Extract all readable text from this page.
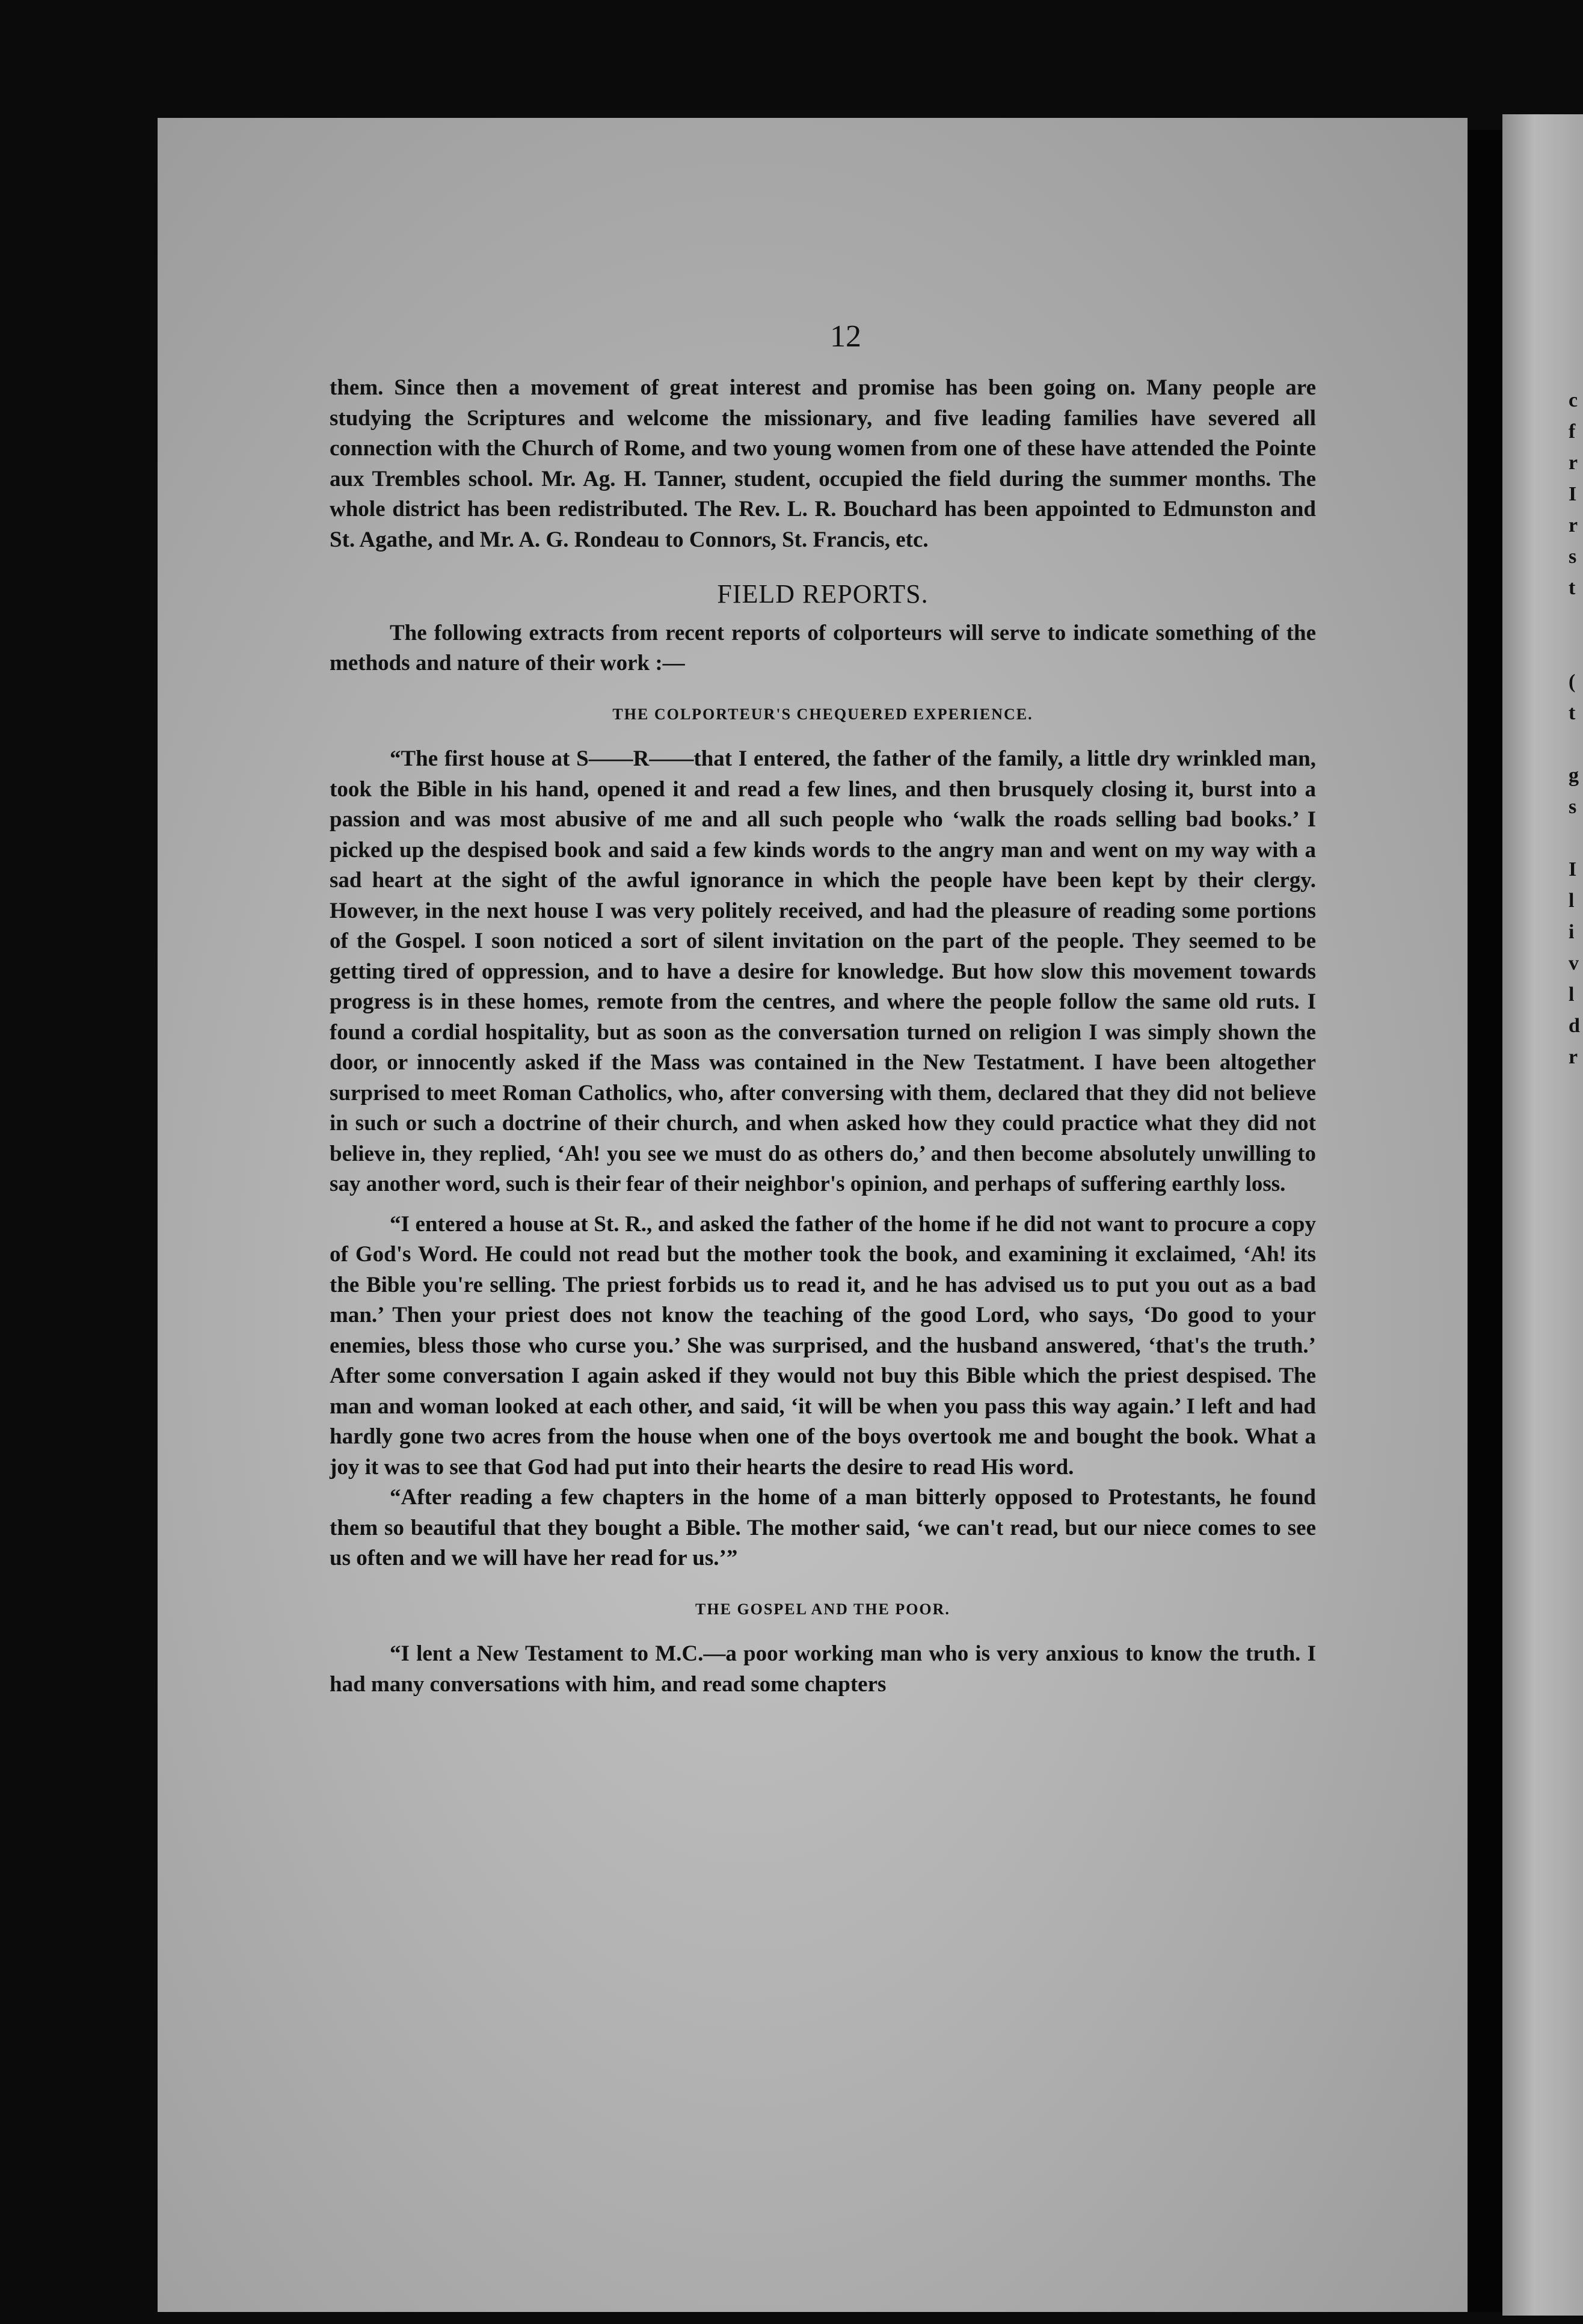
12

them. Since then a movement of great interest and promise has been going on. Many people are studying the Scriptures and welcome the missionary, and five leading families have severed all connection with the Church of Rome, and two young women from one of these have attended the Pointe aux Trembles school. Mr. Ag. H. Tanner, student, occupied the field during the summer months. The whole district has been redistributed. The Rev. L. R. Bouchard has been appointed to Edmunston and St. Agathe, and Mr. A. G. Rondeau to Connors, St. Francis, etc.

FIELD REPORTS.

The following extracts from recent reports of colporteurs will serve to indicate something of the methods and nature of their work :—

THE COLPORTEUR'S CHEQUERED EXPERIENCE.

“The first house at S——R——that I entered, the father of the family, a little dry wrinkled man, took the Bible in his hand, opened it and read a few lines, and then brusquely closing it, burst into a passion and was most abusive of me and all such people who ‘walk the roads selling bad books.’ I picked up the despised book and said a few kinds words to the angry man and went on my way with a sad heart at the sight of the awful ignorance in which the people have been kept by their clergy. However, in the next house I was very politely received, and had the pleasure of reading some portions of the Gospel. I soon noticed a sort of silent invitation on the part of the people. They seemed to be getting tired of oppression, and to have a desire for knowledge. But how slow this movement towards progress is in these homes, remote from the centres, and where the people follow the same old ruts. I found a cordial hospitality, but as soon as the conversation turned on religion I was simply shown the door, or innocently asked if the Mass was contained in the New Testatment. I have been altogether surprised to meet Roman Catholics, who, after conversing with them, declared that they did not believe in such or such a doctrine of their church, and when asked how they could practice what they did not believe in, they replied, ‘Ah! you see we must do as others do,’ and then become absolutely unwilling to say another word, such is their fear of their neighbor's opinion, and perhaps of suffering earthly loss.

“I entered a house at St. R., and asked the father of the home if he did not want to procure a copy of God's Word. He could not read but the mother took the book, and examining it exclaimed, ‘Ah! its the Bible you're selling. The priest forbids us to read it, and he has advised us to put you out as a bad man.’ Then your priest does not know the teaching of the good Lord, who says, ‘Do good to your enemies, bless those who curse you.’ She was surprised, and the husband answered, ‘that's the truth.’ After some conversation I again asked if they would not buy this Bible which the priest despised. The man and woman looked at each other, and said, ‘it will be when you pass this way again.’ I left and had hardly gone two acres from the house when one of the boys overtook me and bought the book. What a joy it was to see that God had put into their hearts the desire to read His word.

“After reading a few chapters in the home of a man bitterly opposed to Protestants, he found them so beautiful that they bought a Bible. The mother said, ‘we can't read, but our niece comes to see us often and we will have her read for us.’”

THE GOSPEL AND THE POOR.

“I lent a New Testament to M.C.—a poor working man who is very anxious to know the truth. I had many conversations with him, and read some chapters

c
f
r
I
r
s
t

(
t

g
s

I
l
i
v
l
d
r
